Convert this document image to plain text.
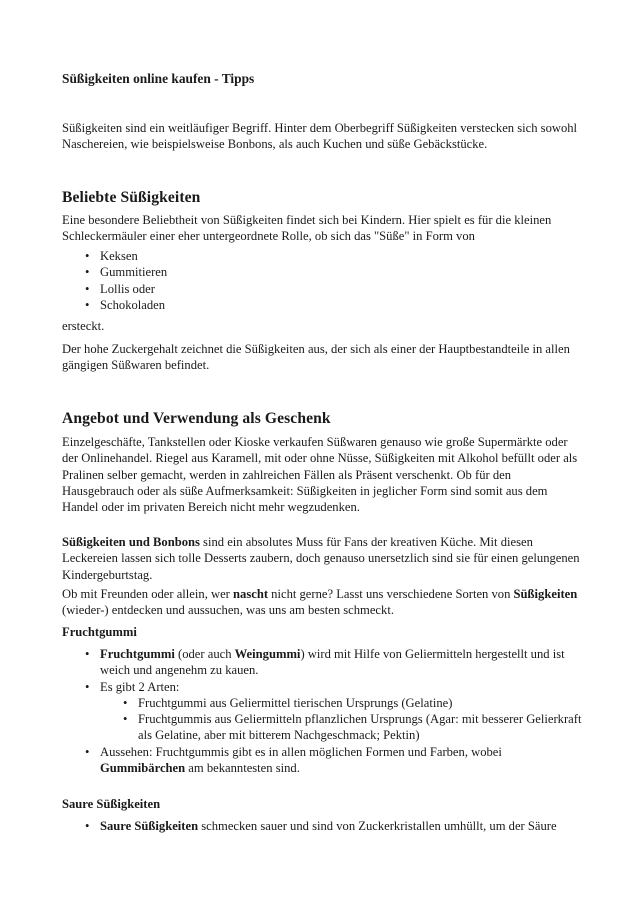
Süßigkeiten online kaufen - Tipps

Süßigkeiten sind ein weitläufiger Begriff. Hinter dem Oberbegriff Süßigkeiten verstecken sich sowohl Naschereien, wie beispielsweise Bonbons, als auch Kuchen und süße Gebäckstücke.

Beliebte Süßigkeiten

Eine besondere Beliebtheit von Süßigkeiten findet sich bei Kindern. Hier spielt es für die kleinen Schleckermäuler einer eher untergeordnete Rolle, ob sich das "Süße" in Form von

• Keksen
• Gummitieren
• Lollis oder
• Schokoladen

ersteckt.

Der hohe Zuckergehalt zeichnet die Süßigkeiten aus, der sich als einer der Hauptbestandteile in allen gängigen Süßwaren befindet.

Angebot und Verwendung als Geschenk

Einzelgeschäfte, Tankstellen oder Kioske verkaufen Süßwaren genauso wie große Supermärkte oder der Onlinehandel. Riegel aus Karamell, mit oder ohne Nüsse, Süßigkeiten mit Alkohol befüllt oder als Pralinen selber gemacht, werden in zahlreichen Fällen als Präsent verschenkt. Ob für den Hausgebrauch oder als süße Aufmerksamkeit: Süßigkeiten in jeglicher Form sind somit aus dem Handel oder im privaten Bereich nicht mehr wegzudenken.

Süßigkeiten und Bonbons sind ein absolutes Muss für Fans der kreativen Küche. Mit diesen Leckereien lassen sich tolle Desserts zaubern, doch genauso unersetzlich sind sie für einen gelungenen Kindergeburtstag.

Ob mit Freunden oder allein, wer nascht nicht gerne? Lasst uns verschiedene Sorten von Süßigkeiten (wieder-) entdecken und aussuchen, was uns am besten schmeckt.

Fruchtgummi

• Fruchtgummi (oder auch Weingummi) wird mit Hilfe von Geliermitteln hergestellt und ist weich und angenehm zu kauen.
• Es gibt 2 Arten:
• Fruchtgummi aus Geliermittel tierischen Ursprungs (Gelatine)
• Fruchtgummis aus Geliermitteln pflanzlichen Ursprungs (Agar: mit besserer Gelierkraft als Gelatine, aber mit bitterem Nachgeschmack; Pektin)
• Aussehen: Fruchtgummis gibt es in allen möglichen Formen und Farben, wobei Gummibärchen am bekanntesten sind.

Saure Süßigkeiten

• Saure Süßigkeiten schmecken sauer und sind von Zuckerkristallen umhüllt, um der Säure
